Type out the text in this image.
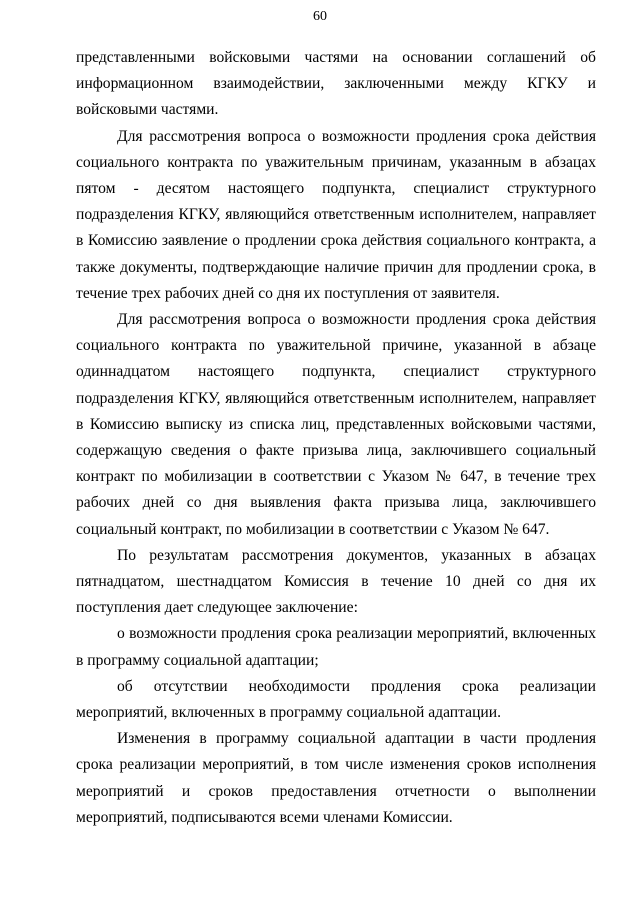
60

представленными войсковыми частями на основании соглашений об информационном взаимодействии, заключенными между КГКУ и войсковыми частями.

Для рассмотрения вопроса о возможности продления срока действия социального контракта по уважительным причинам, указанным в абзацах пятом - десятом настоящего подпункта, специалист структурного подразделения КГКУ, являющийся ответственным исполнителем, направляет в Комиссию заявление о продлении срока действия социального контракта, а также документы, подтверждающие наличие причин для продлении срока, в течение трех рабочих дней со дня их поступления от заявителя.

Для рассмотрения вопроса о возможности продления срока действия социального контракта по уважительной причине, указанной в абзаце одиннадцатом настоящего подпункта, специалист структурного подразделения КГКУ, являющийся ответственным исполнителем, направляет в Комиссию выписку из списка лиц, представленных войсковыми частями, содержащую сведения о факте призыва лица, заключившего социальный контракт по мобилизации в соответствии с Указом № 647, в течение трех рабочих дней со дня выявления факта призыва лица, заключившего социальный контракт, по мобилизации в соответствии с Указом № 647.

По результатам рассмотрения документов, указанных в абзацах пятнадцатом, шестнадцатом Комиссия в течение 10 дней со дня их поступления дает следующее заключение:

о возможности продления срока реализации мероприятий, включенных в программу социальной адаптации;

об отсутствии необходимости продления срока реализации мероприятий, включенных в программу социальной адаптации.

Изменения в программу социальной адаптации в части продления срока реализации мероприятий, в том числе изменения сроков исполнения мероприятий и сроков предоставления отчетности о выполнении мероприятий, подписываются всеми членами Комиссии.
